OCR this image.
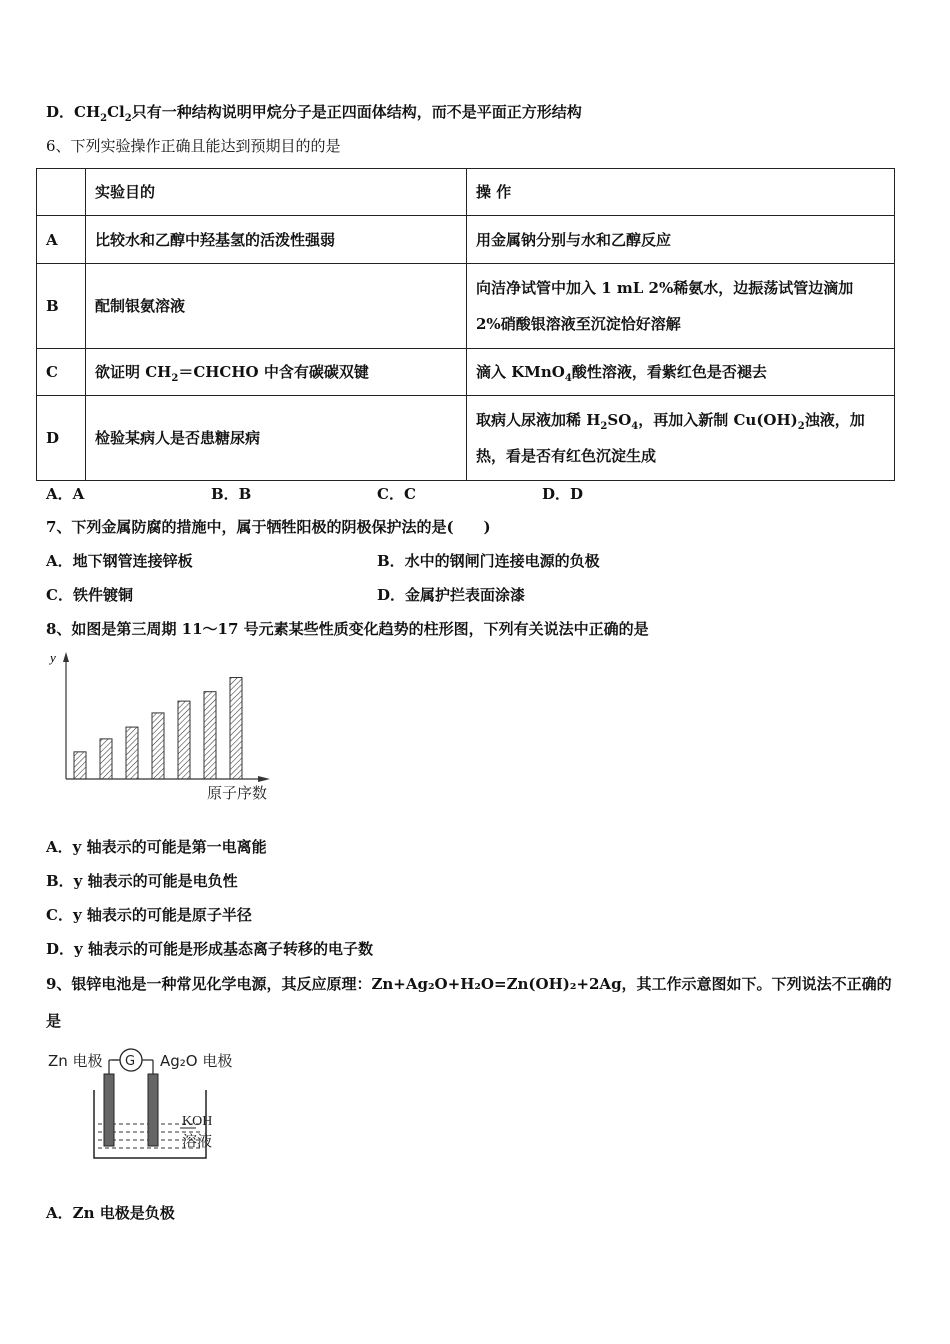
D．$CH_2Cl_2$只有一种结构说明甲烷分子是正四面体结构，而不是平面正方形结构
6、下列实验操作正确且能达到预期目的的是
	实验目的	操 作
A	比较水和乙醇中羟基氢的活泼性强弱	用金属钠分别与水和乙醇反应
B	配制银氨溶液	向洁净试管中加入 1 mL 2%稀氨水，边振荡试管边滴加
2%硝酸银溶液至沉淀恰好溶解

C	欲证明 $CH_2=CHCHO$ 中含有碳碳双键	滴入 KMnO$_4$酸性溶液，看紫红色是否褪去
D	检验某病人是否患糖尿病	取病人尿液加稀 $H_2SO_4$，再加入新制 $Cu(OH)_2$浊液，加
热，看是否有红色沉淀生成
A．A	B．B	C．C	D．D
7、下列金属防腐的措施中，属于牺牲阳极的阴极保护法的是(　　)
A．地下钢管连接锌板	B．水中的钢闸门连接电源的负极
C．铁件镀铜	D．金属护拦表面涂漆
8、如图是第三周期 11～17 号元素某些性质变化趋势的柱形图，下列有关说法中正确的是
y
原子序数
A．y 轴表示的可能是第一电离能
B．y 轴表示的可能是电负性
C．y 轴表示的可能是原子半径
D．y 轴表示的可能是形成基态离子转移的电子数
9、银锌电池是一种常见化学电源，其反应原理：Zn+Ag₂O+H₂O=Zn(OH)₂+2Ag，其工作示意图如下。下列说法不正确的
是
Zn 电极 G Ag₂O 电极
KOH
溶液
A．Zn 电极是负极
